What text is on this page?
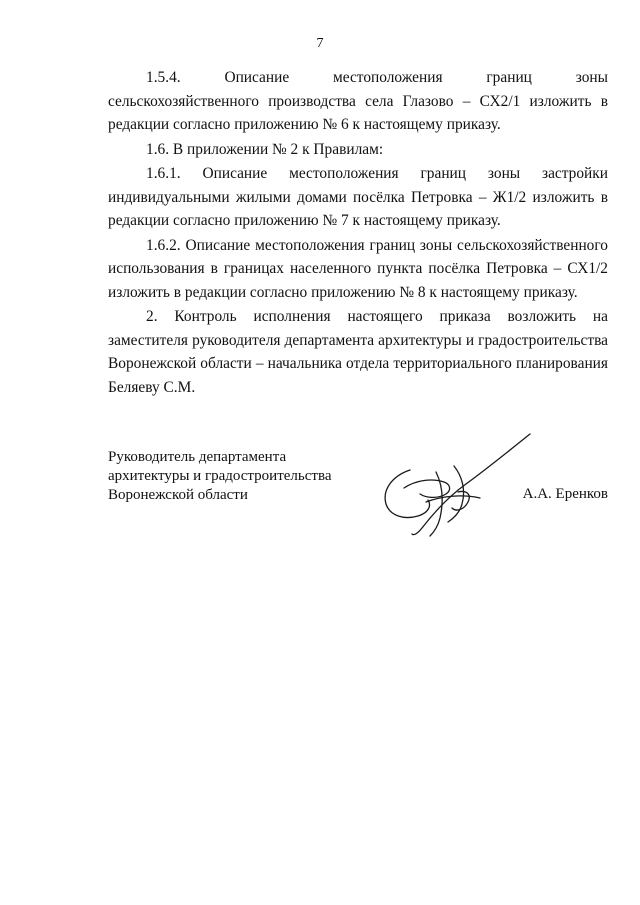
7
1.5.4. Описание местоположения границ зоны
сельскохозяйственного производства села Глазово – СХ2/1 изложить в
редакции согласно приложению № 6 к настоящему приказу.
1.6. В приложении № 2 к Правилам:
1.6.1. Описание местоположения границ зоны застройки
индивидуальными жилыми домами посёлка Петровка – Ж1/2 изложить в
редакции согласно приложению № 7 к настоящему приказу.
1.6.2. Описание местоположения границ зоны сельскохозяйственного
использования в границах населенного пункта посёлка Петровка – СХ1/2
изложить в редакции согласно приложению № 8 к настоящему приказу.
2. Контроль исполнения настоящего приказа возложить на
заместителя руководителя департамента архитектуры и градостроительства
Воронежской области – начальника отдела территориального планирования
Беляеву С.М.
Руководитель департамента
архитектуры и градостроительства
Воронежской области	А.А. Еренков
